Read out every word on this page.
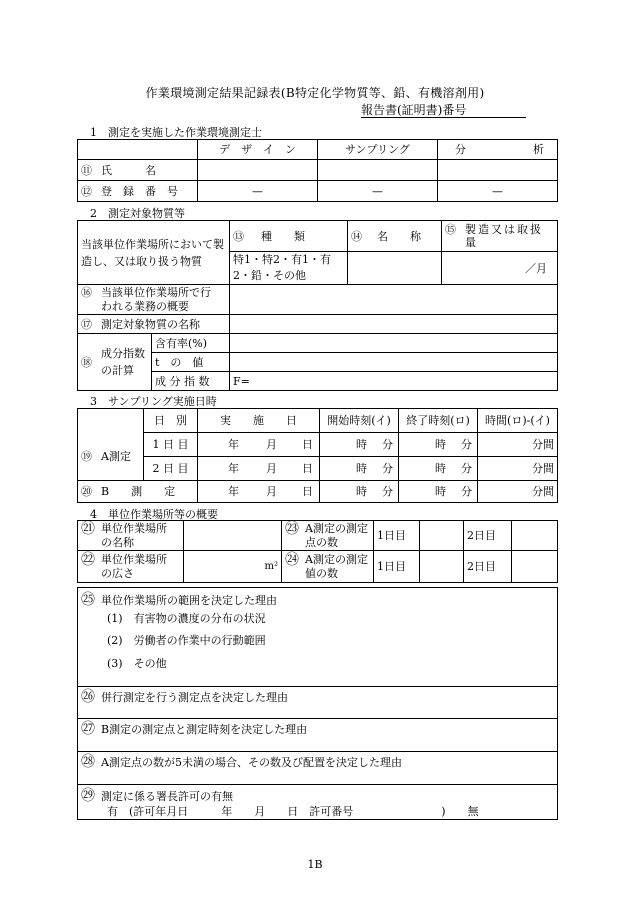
作業環境測定結果記録表(B特定化学物質等、鉛、有機溶剤用)
報告書(証明書)番号
1　測定を実施した作業環境測定士
	デ　ザ　イ　ン	サンプリング	分 析

⑪ 氏　　　名			
⑫ 登　録　番　号	—	—	—
2　測定対象物質等
当該単位作業場所において製造し、又は取り扱う物質		⑬ 種　　類	⑭ 名　　称	⑮ 製造又は取扱量
		特1・特2・有1・有2・鉛・その他		／月
⑯ 当該単位作業場所で行われる業務の概要				
⑰ 測定対象物質の名称				
⑱成分指数の計算	含有率(%)			
	t　の　値			
	成 分 指 数	F=		
3　サンプリング実施日時
	日　別	実　　施　　日	開始時刻(イ)	終了時刻(ロ)	時間(ロ)-(イ)
⑲ A測定	1 日 目	年 月 日	時 分	時 分	分間
	2 日 目	年 月 日	時 分	時 分	分間
⑳ B　　測　　定		年 月 日	時 分	時 分	分間
4　単位作業場所等の概要
㉑ 単位作業場所の名称		㉓ A測定の測定点の数	1日目		2日目	
㉒ 単位作業場所の広さ	m²	㉔ A測定の測定値の数	1日目		2日目	
㉕ 単位作業場所の範囲を決定した理由
(1)　有害物の濃度の分布の状況
(2)　労働者の作業中の行動範囲
(3)　その他

㉖ 併行測定を行う測定点を決定した理由
㉗ B測定の測定点と測定時刻を決定した理由
㉘ A測定点の数が5未満の場合、その数及び配置を決定した理由

㉙ 測定に係る署長許可の有無
有　(許可年月日　　　年　　月　　日　許可番号　　　　　　　　)　　無
1B
